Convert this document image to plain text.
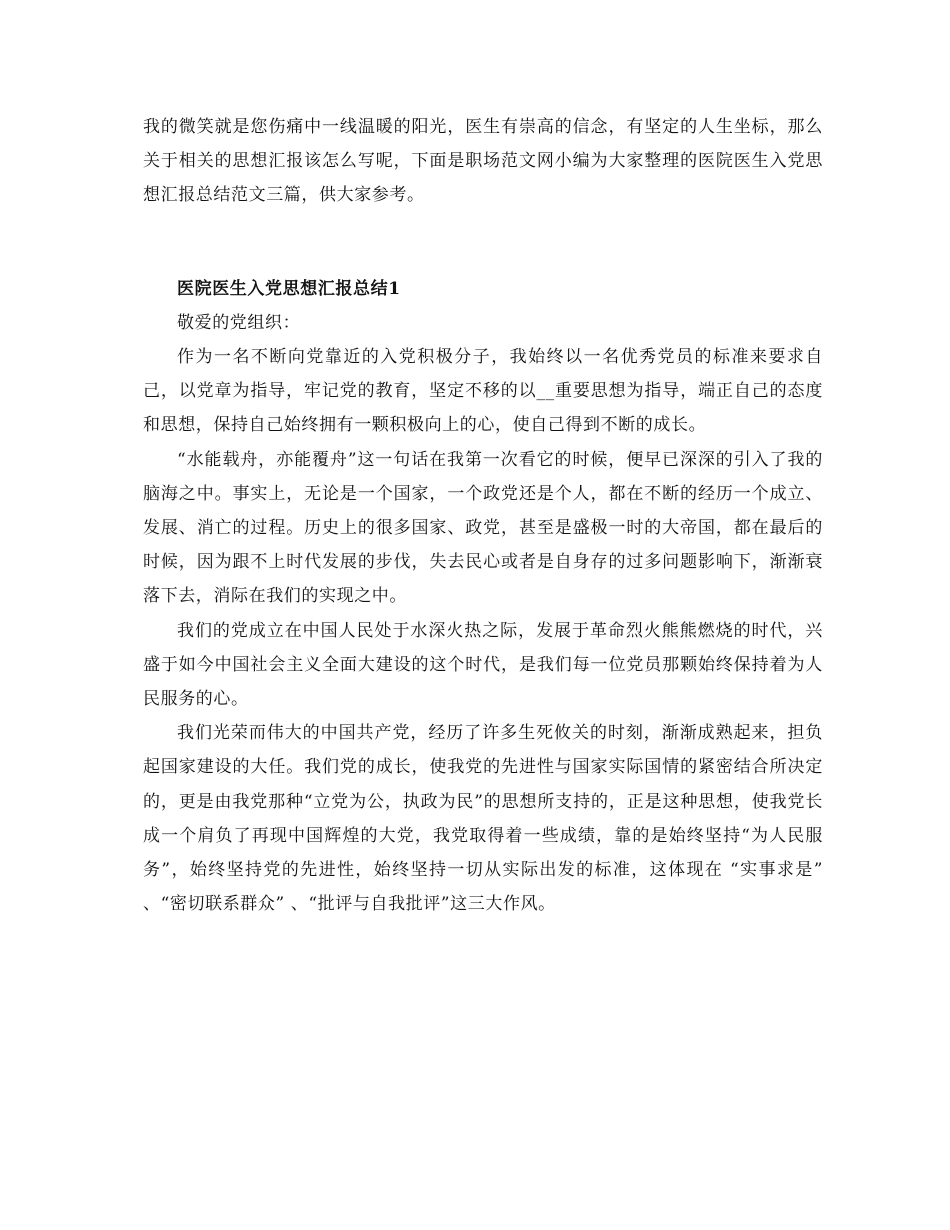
我的微笑就是您伤痛中一线温暖的阳光，医生有崇高的信念，有坚定的人生坐标，那么关于相关的思想汇报该怎么写呢，下面是职场范文网小编为大家整理的医院医生入党思想汇报总结范文三篇，供大家参考。

医院医生入党思想汇报总结1

敬爱的党组织：

作为一名不断向党靠近的入党积极分子，我始终以一名优秀党员的标准来要求自己，以党章为指导，牢记党的教育，坚定不移的以__重要思想为指导，端正自己的态度和思想，保持自己始终拥有一颗积极向上的心，使自己得到不断的成长。

“水能载舟，亦能覆舟”这一句话在我第一次看它的时候，便早已深深的引入了我的脑海之中。事实上，无论是一个国家，一个政党还是个人，都在不断的经历一个成立、发展、消亡的过程。历史上的很多国家、政党，甚至是盛极一时的大帝国，都在最后的时候，因为跟不上时代发展的步伐，失去民心或者是自身存的过多问题影响下，渐渐衰落下去，消际在我们的实现之中。

我们的党成立在中国人民处于水深火热之际，发展于革命烈火熊熊燃烧的时代，兴盛于如今中国社会主义全面大建设的这个时代，是我们每一位党员那颗始终保持着为人民服务的心。

我们光荣而伟大的中国共产党，经历了许多生死攸关的时刻，渐渐成熟起来，担负起国家建设的大任。我们党的成长，使我党的先进性与国家实际国情的紧密结合所决定的，更是由我党那种“立党为公，执政为民”的思想所支持的，正是这种思想，使我党长成一个肩负了再现中国辉煌的大党，我党取得着一些成绩，靠的是始终坚持“为人民服务”，始终坚持党的先进性，始终坚持一切从实际出发的标准，这体现在 “实事求是” 、“密切联系群众” 、“批评与自我批评”这三大作风。
